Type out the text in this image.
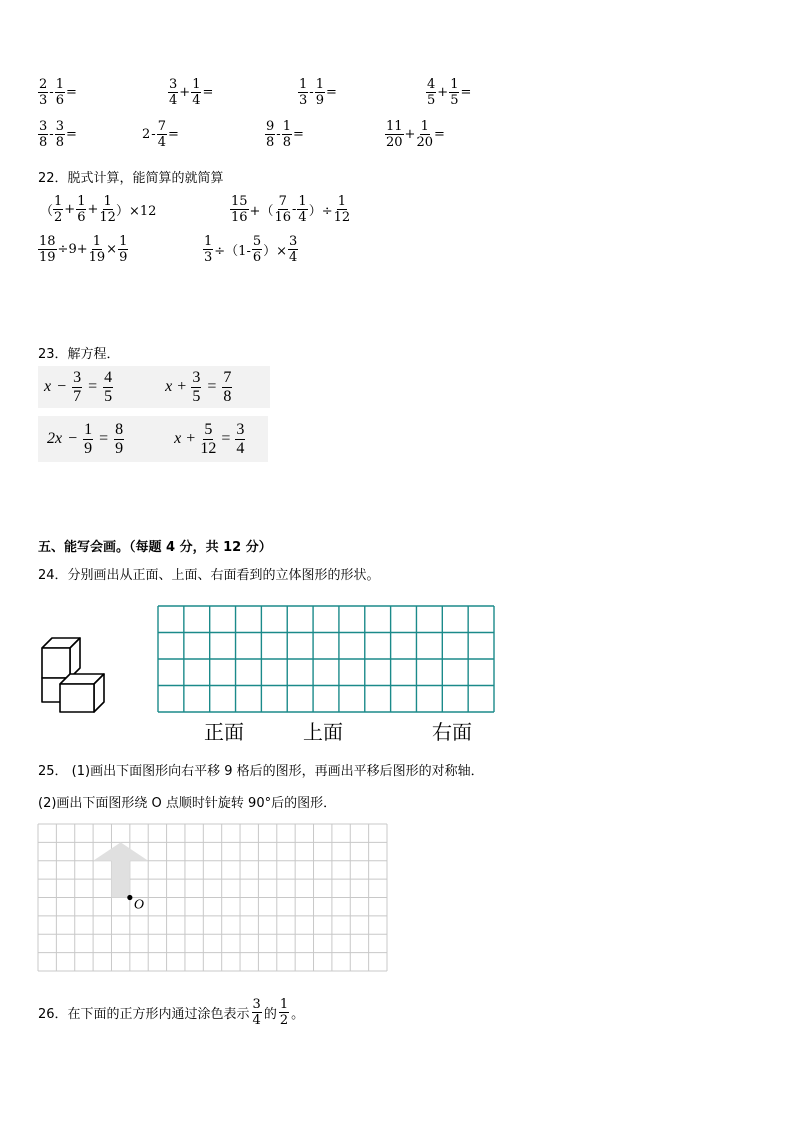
$\frac{2}{3} - \frac{1}{6}$ =	$\frac{3}{4} + \frac{1}{4}$ =	$\frac{1}{3} - \frac{1}{9}$ =	$\frac{4}{5} + \frac{1}{5}$ =
$\frac{3}{8} - \frac{3}{8}$ =	$2 - \frac{7}{4}$ =	$\frac{9}{8} - \frac{1}{8}$ =	$\frac{11}{20} + \frac{1}{20}$ =
22．脱式计算，能简算的就简算
（ $\frac{1}{2} + \frac{1}{6} + \frac{1}{12} )\times 12$	$\frac{15}{16}$ +（ $\frac{7}{16} - \frac{1}{4}$ ）÷ $\frac{1}{12}$
$\frac{18}{19} \div 9+ \frac{1}{19} \times \frac{1}{9}$	$\frac{1}{3} \div(1- \frac{5}{6}$ ）× $\frac{3}{4}$
23．解方程．
$x - \frac{3}{7} = \frac{4}{5}$	$x + \frac{3}{5} = \frac{7}{8}$
$2x - \frac{1}{9} = \frac{8}{9}$	$x + \frac{5}{12} = \frac{3}{4}$
五、能写会画。（每题 4 分，共 12 分）
24．分别画出从正面、上面、右面看到的立体图形的形状。
正面	上面	右面
25． (1)画出下面图形向右平移 9 格后的图形，再画出平移后图形的对称轴．
(2)画出下面图形绕 O 点顺时针旋转 90°后的图形．
O
26．在下面的正方形内通过涂色表示 $\frac{3}{4}$ 的 $\frac{1}{2}$ 。
